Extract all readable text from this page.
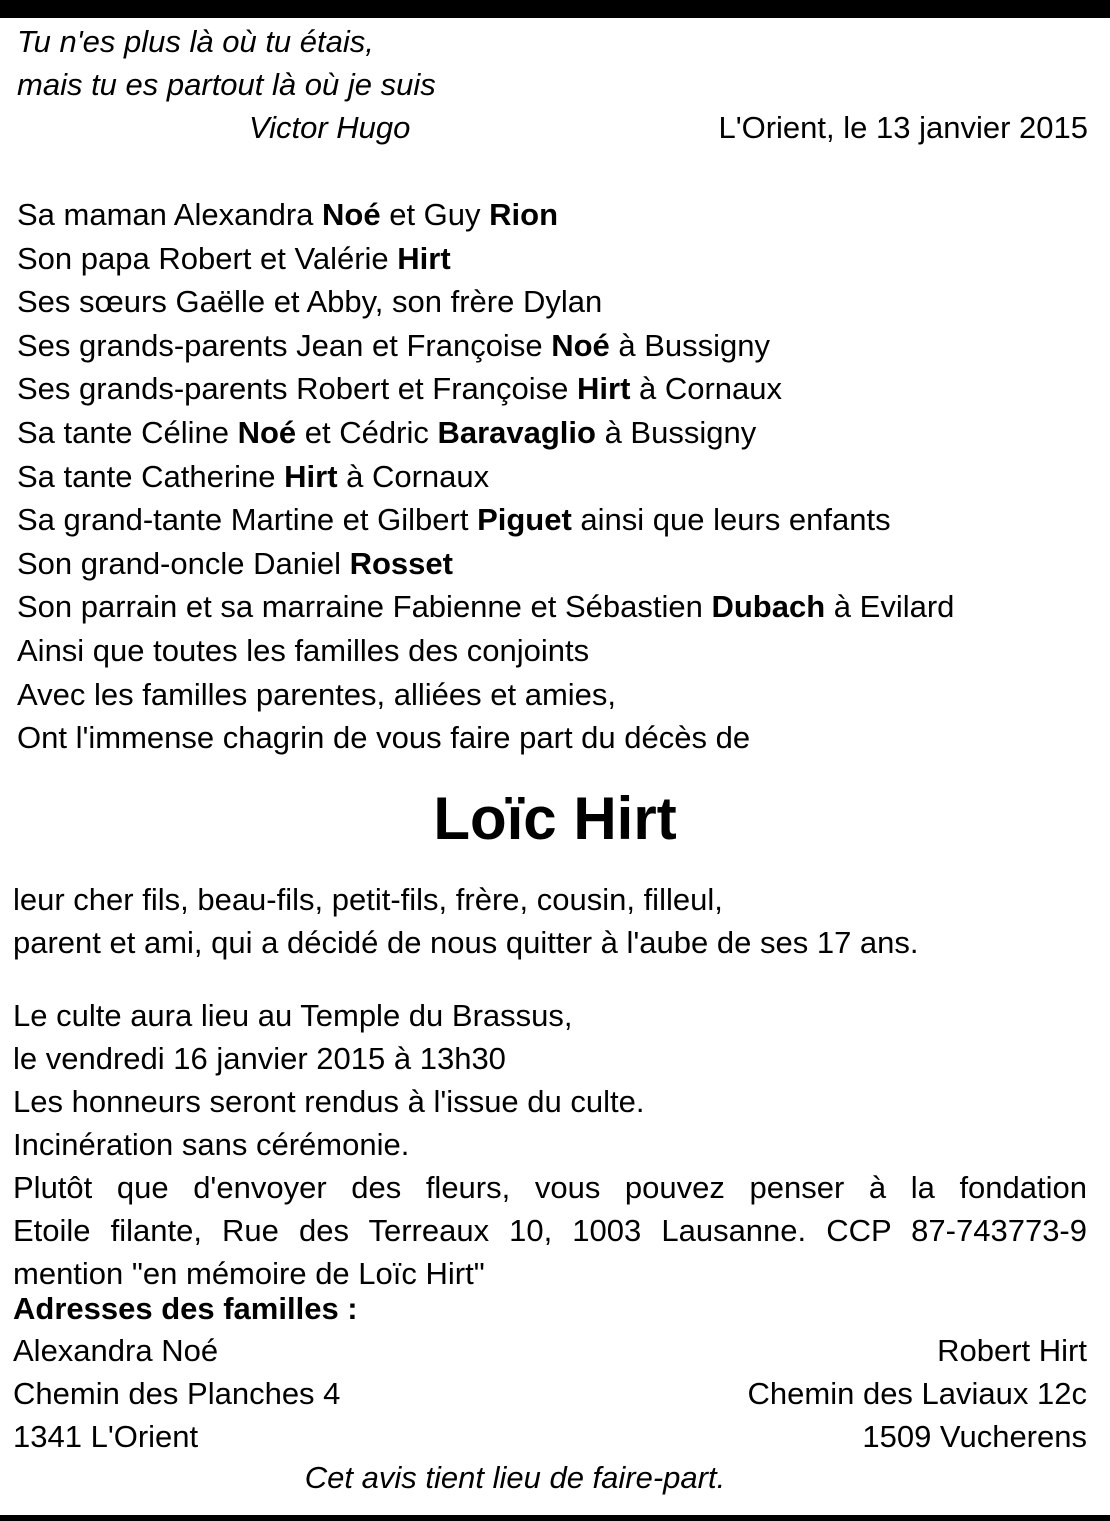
Tu n'es plus là où tu étais,
mais tu es partout là où je suis
Victor Hugo	L'Orient, le 13 janvier 2015
Sa maman Alexandra Noé et Guy Rion
Son papa Robert et Valérie Hirt
Ses sœurs Gaëlle et Abby, son frère Dylan
Ses grands-parents Jean et Françoise Noé à Bussigny
Ses grands-parents Robert et Françoise Hirt à Cornaux
Sa tante Céline Noé et Cédric Baravaglio à Bussigny
Sa tante Catherine Hirt à Cornaux
Sa grand-tante Martine et Gilbert Piguet ainsi que leurs enfants
Son grand-oncle Daniel Rosset
Son parrain et sa marraine Fabienne et Sébastien Dubach à Evilard
Ainsi que toutes les familles des conjoints
Avec les familles parentes, alliées et amies,
Ont l'immense chagrin de vous faire part du décès de
Loïc Hirt
leur cher fils, beau-fils, petit-fils, frère, cousin, filleul,
parent et ami, qui a décidé de nous quitter à l'aube de ses 17 ans.
Le culte aura lieu au Temple du Brassus,
le vendredi 16 janvier 2015 à 13h30
Les honneurs seront rendus à l'issue du culte.
Incinération sans cérémonie.
Plutôt que d'envoyer des fleurs, vous pouvez penser à la fondation
Etoile filante, Rue des Terreaux 10, 1003 Lausanne. CCP 87-743773-9
mention "en mémoire de Loïc Hirt"
Adresses des familles :
Alexandra Noé
Chemin des Planches 4
1341 L'Orient
Robert Hirt
Chemin des Laviaux 12c
1509 Vucherens
Cet avis tient lieu de faire-part.
